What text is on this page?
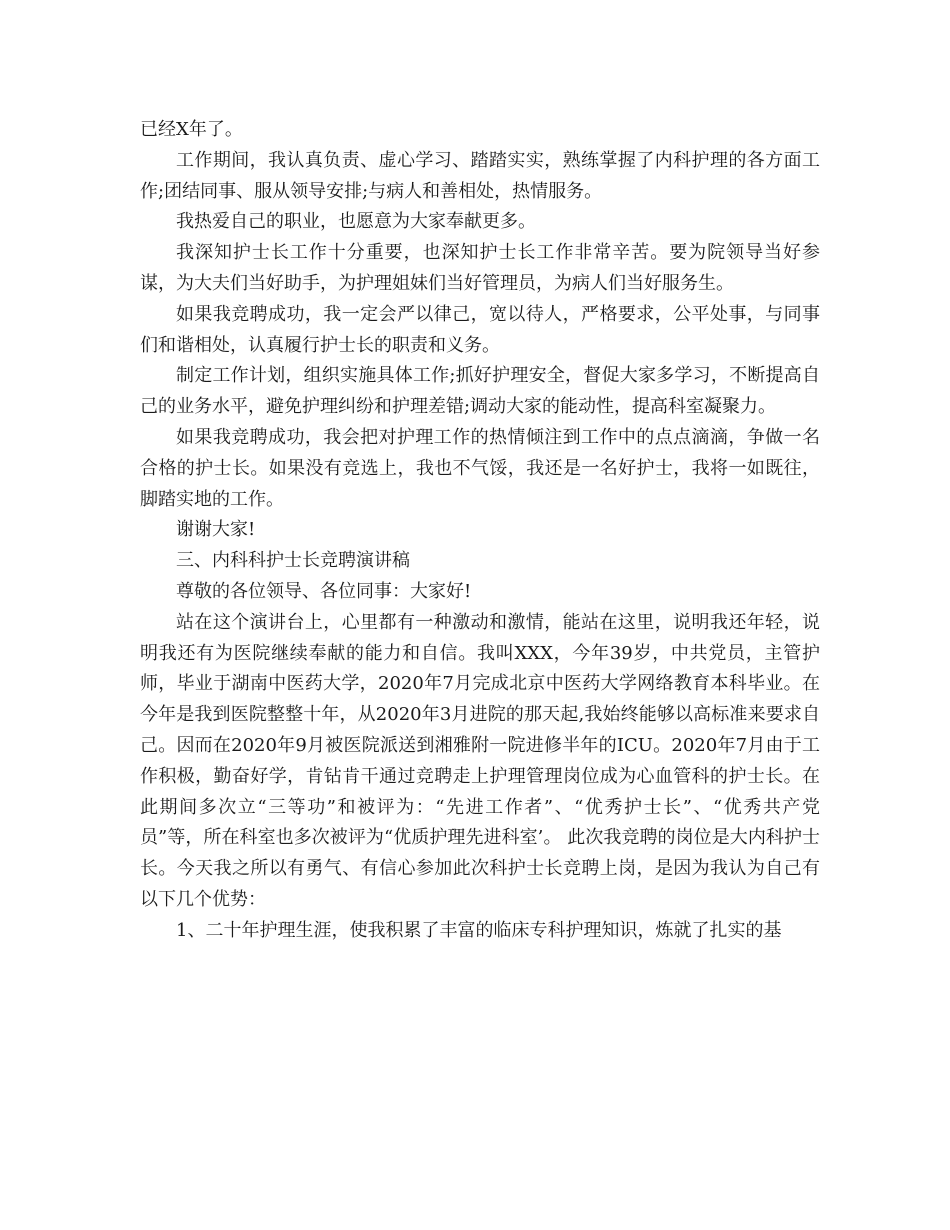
已经X年了。

工作期间，我认真负责、虚心学习、踏踏实实，熟练掌握了内科护理的各方面工作;团结同事、服从领导安排;与病人和善相处，热情服务。

我热爱自己的职业，也愿意为大家奉献更多。

我深知护士长工作十分重要，也深知护士长工作非常辛苦。要为院领导当好参谋，为大夫们当好助手，为护理姐妹们当好管理员，为病人们当好服务生。

如果我竞聘成功，我一定会严以律己，宽以待人，严格要求，公平处事，与同事们和谐相处，认真履行护士长的职责和义务。

制定工作计划，组织实施具体工作;抓好护理安全，督促大家多学习，不断提高自己的业务水平，避免护理纠纷和护理差错;调动大家的能动性，提高科室凝聚力。

如果我竞聘成功，我会把对护理工作的热情倾注到工作中的点点滴滴，争做一名合格的护士长。如果没有竞选上，我也不气馁，我还是一名好护士，我将一如既往，脚踏实地的工作。

谢谢大家!

三、内科科护士长竞聘演讲稿

尊敬的各位领导、各位同事：大家好!

站在这个演讲台上，心里都有一种激动和激情，能站在这里，说明我还年轻，说明我还有为医院继续奉献的能力和自信。我叫XXX，今年39岁，中共党员，主管护师，毕业于湖南中医药大学，2020年7月完成北京中医药大学网络教育本科毕业。在今年是我到医院整整十年，从2020年3月进院的那天起,我始终能够以高标准来要求自己。因而在2020年9月被医院派送到湘雅附一院进修半年的ICU。2020年7月由于工作积极，勤奋好学，肯钻肯干通过竞聘走上护理管理岗位成为心血管科的护士长。在此期间多次立“三等功”和被评为：“先进工作者”、“优秀护士长”、“优秀共产党员”等，所在科室也多次被评为“优质护理先进科室’。 此次我竞聘的岗位是大内科护士长。今天我之所以有勇气、有信心参加此次科护士长竞聘上岗，是因为我认为自己有以下几个优势：

1、二十年护理生涯，使我积累了丰富的临床专科护理知识，炼就了扎实的基
